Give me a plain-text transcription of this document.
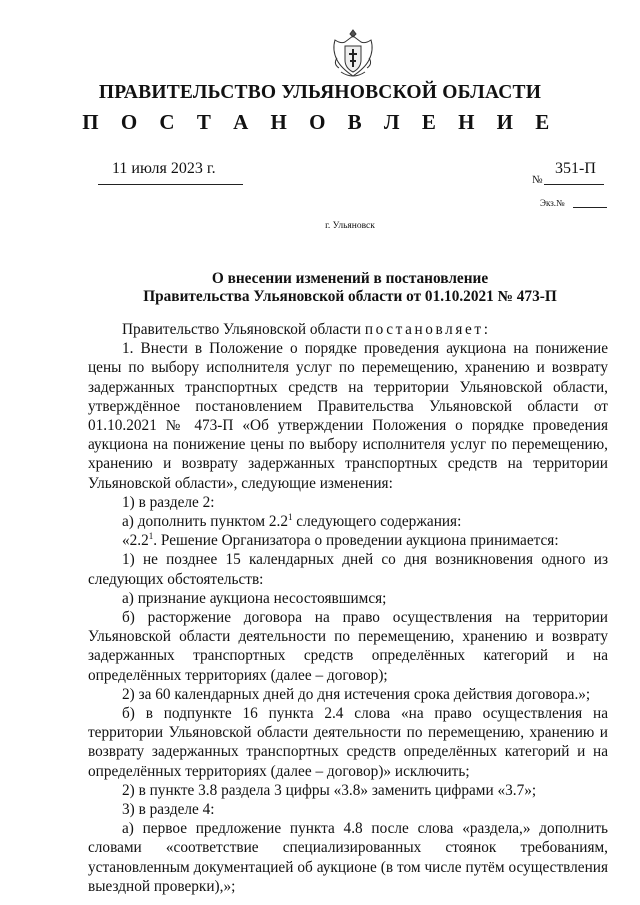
ПРАВИТЕЛЬСТВО УЛЬЯНОВСКОЙ ОБЛАСТИ
П О С Т А Н О В Л Е Н И Е
11 июля 2023 г.
№
351-П
Экз.№
г. Ульяновск
О внесении изменений в постановление
Правительства Ульяновской области от 01.10.2021 № 473-П

Правительство Ульяновской области постановляет:

1. Внести в Положение о порядке проведения аукциона на понижение цены по выбору исполнителя услуг по перемещению, хранению и возврату задержанных транспортных средств на территории Ульяновской области, утверждённое постановлением Правительства Ульяновской области от 01.10.2021 № 473-П «Об утверждении Положения о порядке проведения аукциона на понижение цены по выбору исполнителя услуг по перемещению, хранению и возврату задержанных транспортных средств на территории Ульяновской области», следующие изменения:

1) в разделе 2:

а) дополнить пунктом $2.2^1$ следующего содержания:

«$2.2^1$. Решение Организатора о проведении аукциона принимается:

1) не позднее 15 календарных дней со дня возникновения одного из следующих обстоятельств:

а) признание аукциона несостоявшимся;

б) расторжение договора на право осуществления на территории Ульяновской области деятельности по перемещению, хранению и возврату задержанных транспортных средств определённых категорий и на определённых территориях (далее – договор);

2) за 60 календарных дней до дня истечения срока действия договора.»;

б) в подпункте 16 пункта 2.4 слова «на право осуществления на территории Ульяновской области деятельности по перемещению, хранению и возврату задержанных транспортных средств определённых категорий и на определённых территориях (далее – договор)» исключить;

2) в пункте 3.8 раздела 3 цифры «3.8» заменить цифрами «3.7»;

3) в разделе 4:

а) первое предложение пункта 4.8 после слова «раздела,» дополнить словами «соответствие специализированных стоянок требованиям, установленным документацией об аукционе (в том числе путём осуществления выездной проверки),»;
